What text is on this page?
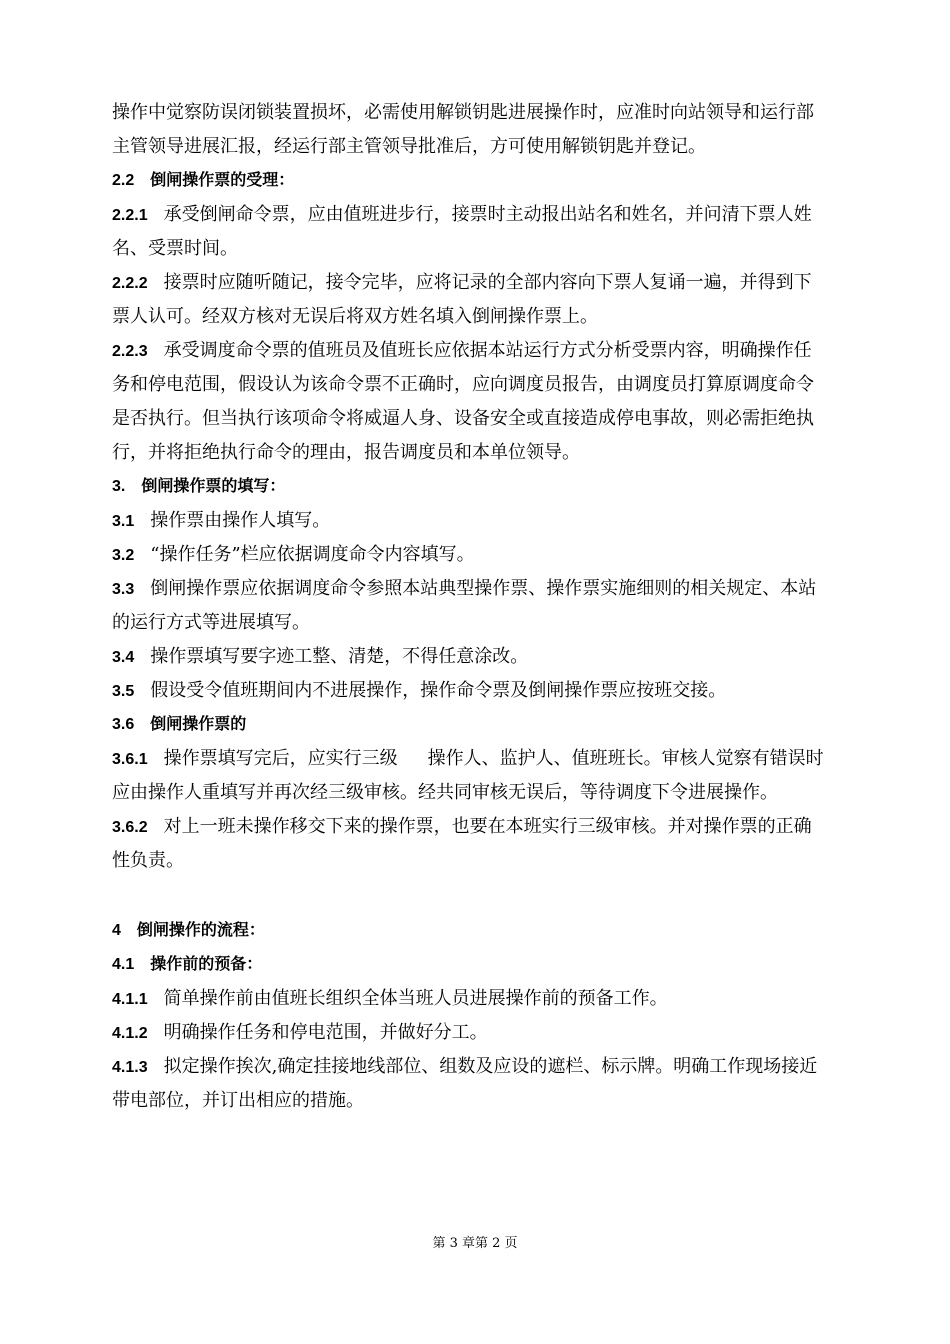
操作中觉察防误闭锁装置损坏，必需使用解锁钥匙进展操作时，应准时向站领导和运行部
主管领导进展汇报，经运行部主管领导批准后，方可使用解锁钥匙并登记。
2.2 倒闸操作票的受理：
2.2.1 承受倒闸命令票，应由值班进步行，接票时主动报出站名和姓名，并问清下票人姓
名、受票时间。
2.2.2 接票时应随听随记，接令完毕，应将记录的全部内容向下票人复诵一遍，并得到下
票人认可。经双方核对无误后将双方姓名填入倒闸操作票上。
2.2.3 承受调度命令票的值班员及值班长应依据本站运行方式分析受票内容，明确操作任
务和停电范围，假设认为该命令票不正确时，应向调度员报告，由调度员打算原调度命令
是否执行。但当执行该项命令将威逼人身、设备安全或直接造成停电事故，则必需拒绝执
行，并将拒绝执行命令的理由，报告调度员和本单位领导。
3. 倒闸操作票的填写：
3.1 操作票由操作人填写。
3.2 “操作任务”栏应依据调度命令内容填写。
3.3 倒闸操作票应依据调度命令参照本站典型操作票、操作票实施细则的相关规定、本站
的运行方式等进展填写。
3.4 操作票填写要字迹工整、清楚，不得任意涂改。
3.5 假设受令值班期间内不进展操作，操作命令票及倒闸操作票应按班交接。
3.6 倒闸操作票的
3.6.1 操作票填写完后，应实行三级 操作人、监护人、值班班长。审核人觉察有错误时
应由操作人重填写并再次经三级审核。经共同审核无误后，等待调度下令进展操作。
3.6.2 对上一班未操作移交下来的操作票，也要在本班实行三级审核。并对操作票的正确
性负责。
4 倒闸操作的流程：
4.1 操作前的预备：
4.1.1 简单操作前由值班长组织全体当班人员进展操作前的预备工作。
4.1.2 明确操作任务和停电范围，并做好分工。
4.1.3 拟定操作挨次,确定挂接地线部位、组数及应设的遮栏、标示牌。明确工作现场接近
带电部位，并订出相应的措施。
第 3 章第 2 页
